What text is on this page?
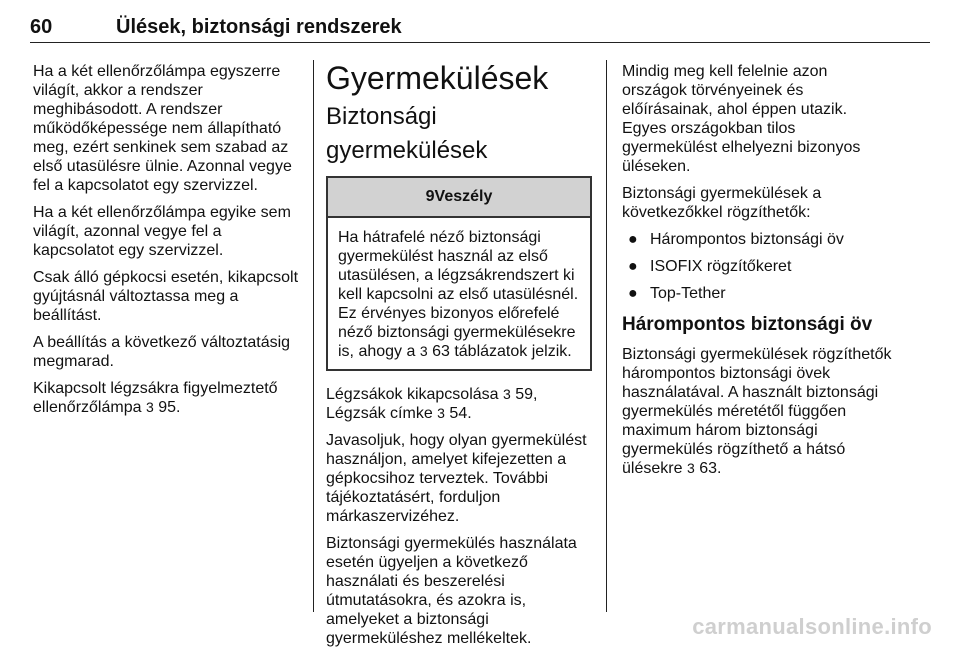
60	Ülések, biztonsági rendszerek

Ha a két ellenőrzőlámpa egyszerre világít, akkor a rendszer meghibásodott. A rendszer működőképessége nem állapítható meg, ezért senkinek sem szabad az első utasülésre ülnie. Azonnal vegye fel a kapcsolatot egy szervizzel.

Ha a két ellenőrzőlámpa egyike sem világít, azonnal vegye fel a kapcsolatot egy szervizzel.

Csak álló gépkocsi esetén, kikapcsolt gyújtásnál változtassa meg a beállítást.

A beállítás a következő változtatásig megmarad.

Kikapcsolt légzsákra figyelmeztető ellenőrzőlámpa 3 95.

Gyermekülések
Biztonsági gyermekülések
9Veszély
Ha hátrafelé néző biztonsági gyermekülést használ az első utasülésen, a légzsákrendszert ki kell kapcsolni az első utasülésnél. Ez érvényes bizonyos előrefelé néző biztonsági gyermekülésekre is, ahogy a 3 63 táblázatok jelzik.

Légzsákok kikapcsolása 3 59,
Légzsák címke 3 54.

Javasoljuk, hogy olyan gyermekülést használjon, amelyet kifejezetten a gépkocsihoz terveztek. További tájékoztatásért, forduljon márkaszervizéhez.

Biztonsági gyermekülés használata esetén ügyeljen a következő használati és beszerelési útmutatásokra, és azokra is, amelyeket a biztonsági gyermeküléshez mellékeltek.

Mindig meg kell felelnie azon országok törvényeinek és előírásainak, ahol éppen utazik. Egyes országokban tilos gyermekülést elhelyezni bizonyos üléseken.

Biztonsági gyermekülések a következőkkel rögzíthetők:

● Hárompontos biztonsági öv
● ISOFIX rögzítőkeret
● Top-Tether
Hárompontos biztonsági öv

Biztonsági gyermekülések rögzíthetők hárompontos biztonsági övek használatával. A használt biztonsági gyermekülés méretétől függően maximum három biztonsági gyermekülés rögzíthető a hátsó ülésekre 3 63.

carmanualsonline.info
